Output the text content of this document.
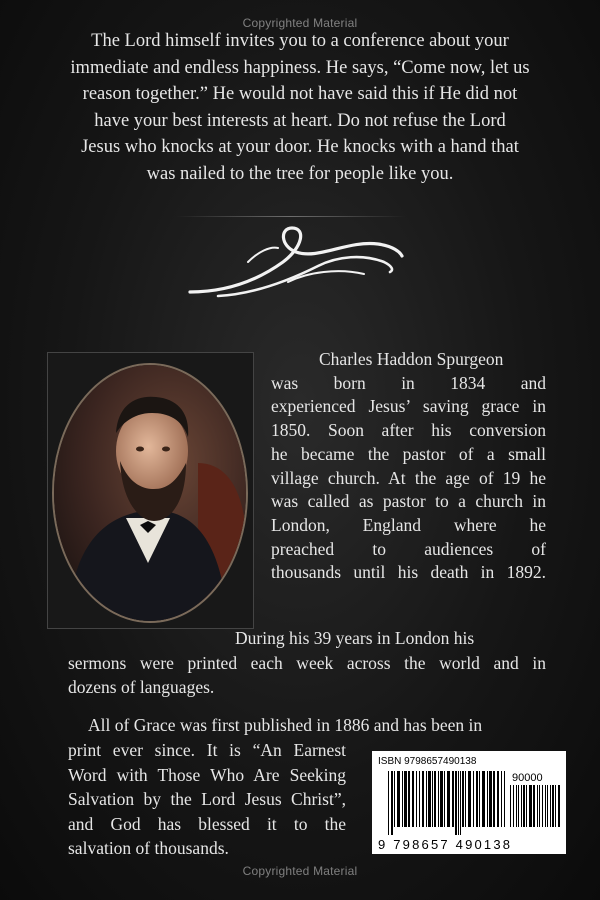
Copyrighted Material
The Lord himself invites you to a conference about your
immediate and endless happiness. He says, “Come now, let us
reason together.” He would not have said this if He did not
have your best interests at heart. Do not refuse the Lord
Jesus who knocks at your door. He knocks with a hand that
was nailed to the tree for people like you.
Charles Haddon Spurgeon
was born in 1834 and
experienced Jesus’ saving grace in
1850. Soon after his conversion
he became the pastor of a small
village church. At the age of 19 he
was called as pastor to a church in
London, England where he
preached to audiences of
thousands until his death in 1892.
During his 39 years in London his
sermons were printed each week across the world and in
dozens of languages.
All of Grace was first published in 1886 and has been in
print ever since. It is “An Earnest
Word with Those Who Are Seeking
Salvation by the Lord Jesus Christ”,
and God has blessed it to the
salvation of thousands.
ISBN 9798657490138
90000
9 798657 490138
Copyrighted Material
